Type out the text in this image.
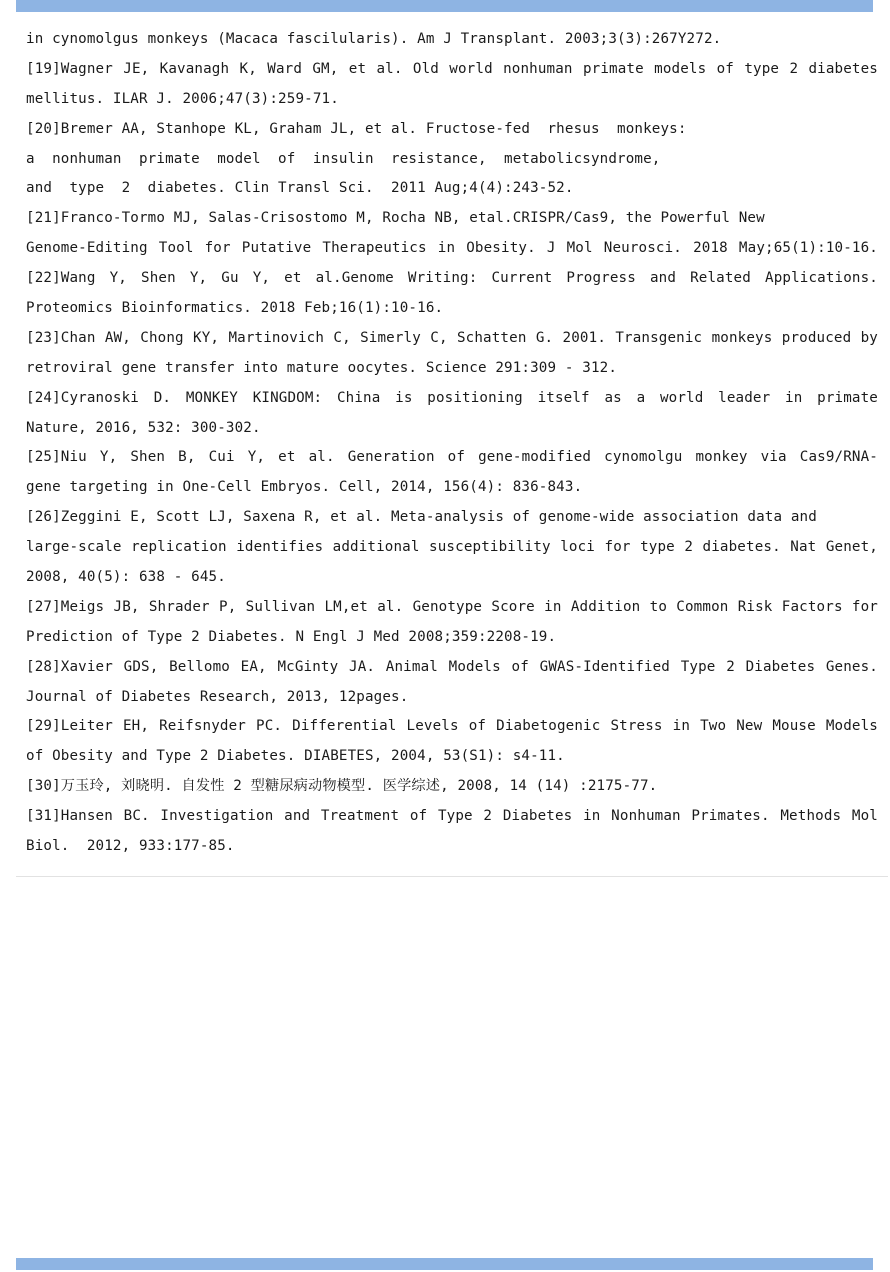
in cynomolgus monkeys (Macaca fascilularis). Am J Transplant. 2003;3(3):267Y272.
[19]Wagner JE, Kavanagh K, Ward GM, et al. Old world nonhuman primate models of type 2 diabetes
mellitus. ILAR J. 2006;47(3):259-71.
[20]Bremer AA, Stanhope KL, Graham JL, et al. Fructose-fed  rhesus  monkeys:
a  nonhuman  primate  model  of  insulin  resistance,  metabolicsyndrome,
and  type  2  diabetes. Clin Transl Sci.  2011 Aug;4(4):243-52.
[21]Franco-Tormo MJ, Salas-Crisostomo M, Rocha NB, etal.CRISPR/Cas9, the Powerful New
Genome-Editing Tool for Putative Therapeutics in Obesity. J Mol Neurosci. 2018 May;65(1):10-16.
[22]Wang Y, Shen Y, Gu Y, et al.Genome Writing: Current Progress and Related Applications.
Proteomics Bioinformatics. 2018 Feb;16(1):10-16.
[23]Chan AW, Chong KY, Martinovich C, Simerly C, Schatten G. 2001. Transgenic monkeys produced by
retroviral gene transfer into mature oocytes. Science 291:309 - 312.
[24]Cyranoski D. MONKEY KINGDOM: China is positioning itself as a world leader in primate
Nature, 2016, 532: 300-302.
[25]Niu Y, Shen B, Cui Y, et al. Generation of gene-modified cynomolgu monkey via Cas9/RNA-
gene targeting in One-Cell Embryos. Cell, 2014, 156(4): 836-843.
[26]Zeggini E, Scott LJ, Saxena R, et al. Meta-analysis of genome-wide association data and
large-scale replication identifies additional susceptibility loci for type 2 diabetes. Nat Genet,
2008, 40(5): 638 - 645.
[27]Meigs JB, Shrader P, Sullivan LM,et al. Genotype Score in Addition to Common Risk Factors for
Prediction of Type 2 Diabetes. N Engl J Med 2008;359:2208-19.
[28]Xavier GDS, Bellomo EA, McGinty JA. Animal Models of GWAS-Identified Type 2 Diabetes Genes.
Journal of Diabetes Research, 2013, 12pages.
[29]Leiter EH, Reifsnyder PC. Differential Levels of Diabetogenic Stress in Two New Mouse Models
of Obesity and Type 2 Diabetes. DIABETES, 2004, 53(S1): s4-11.
[30]万玉玲, 刘晓明. 自发性 2 型糖尿病动物模型. 医学综述, 2008, 14 (14) :2175-77.
[31]Hansen BC. Investigation and Treatment of Type 2 Diabetes in Nonhuman Primates. Methods Mol
Biol.  2012, 933:177-85.
